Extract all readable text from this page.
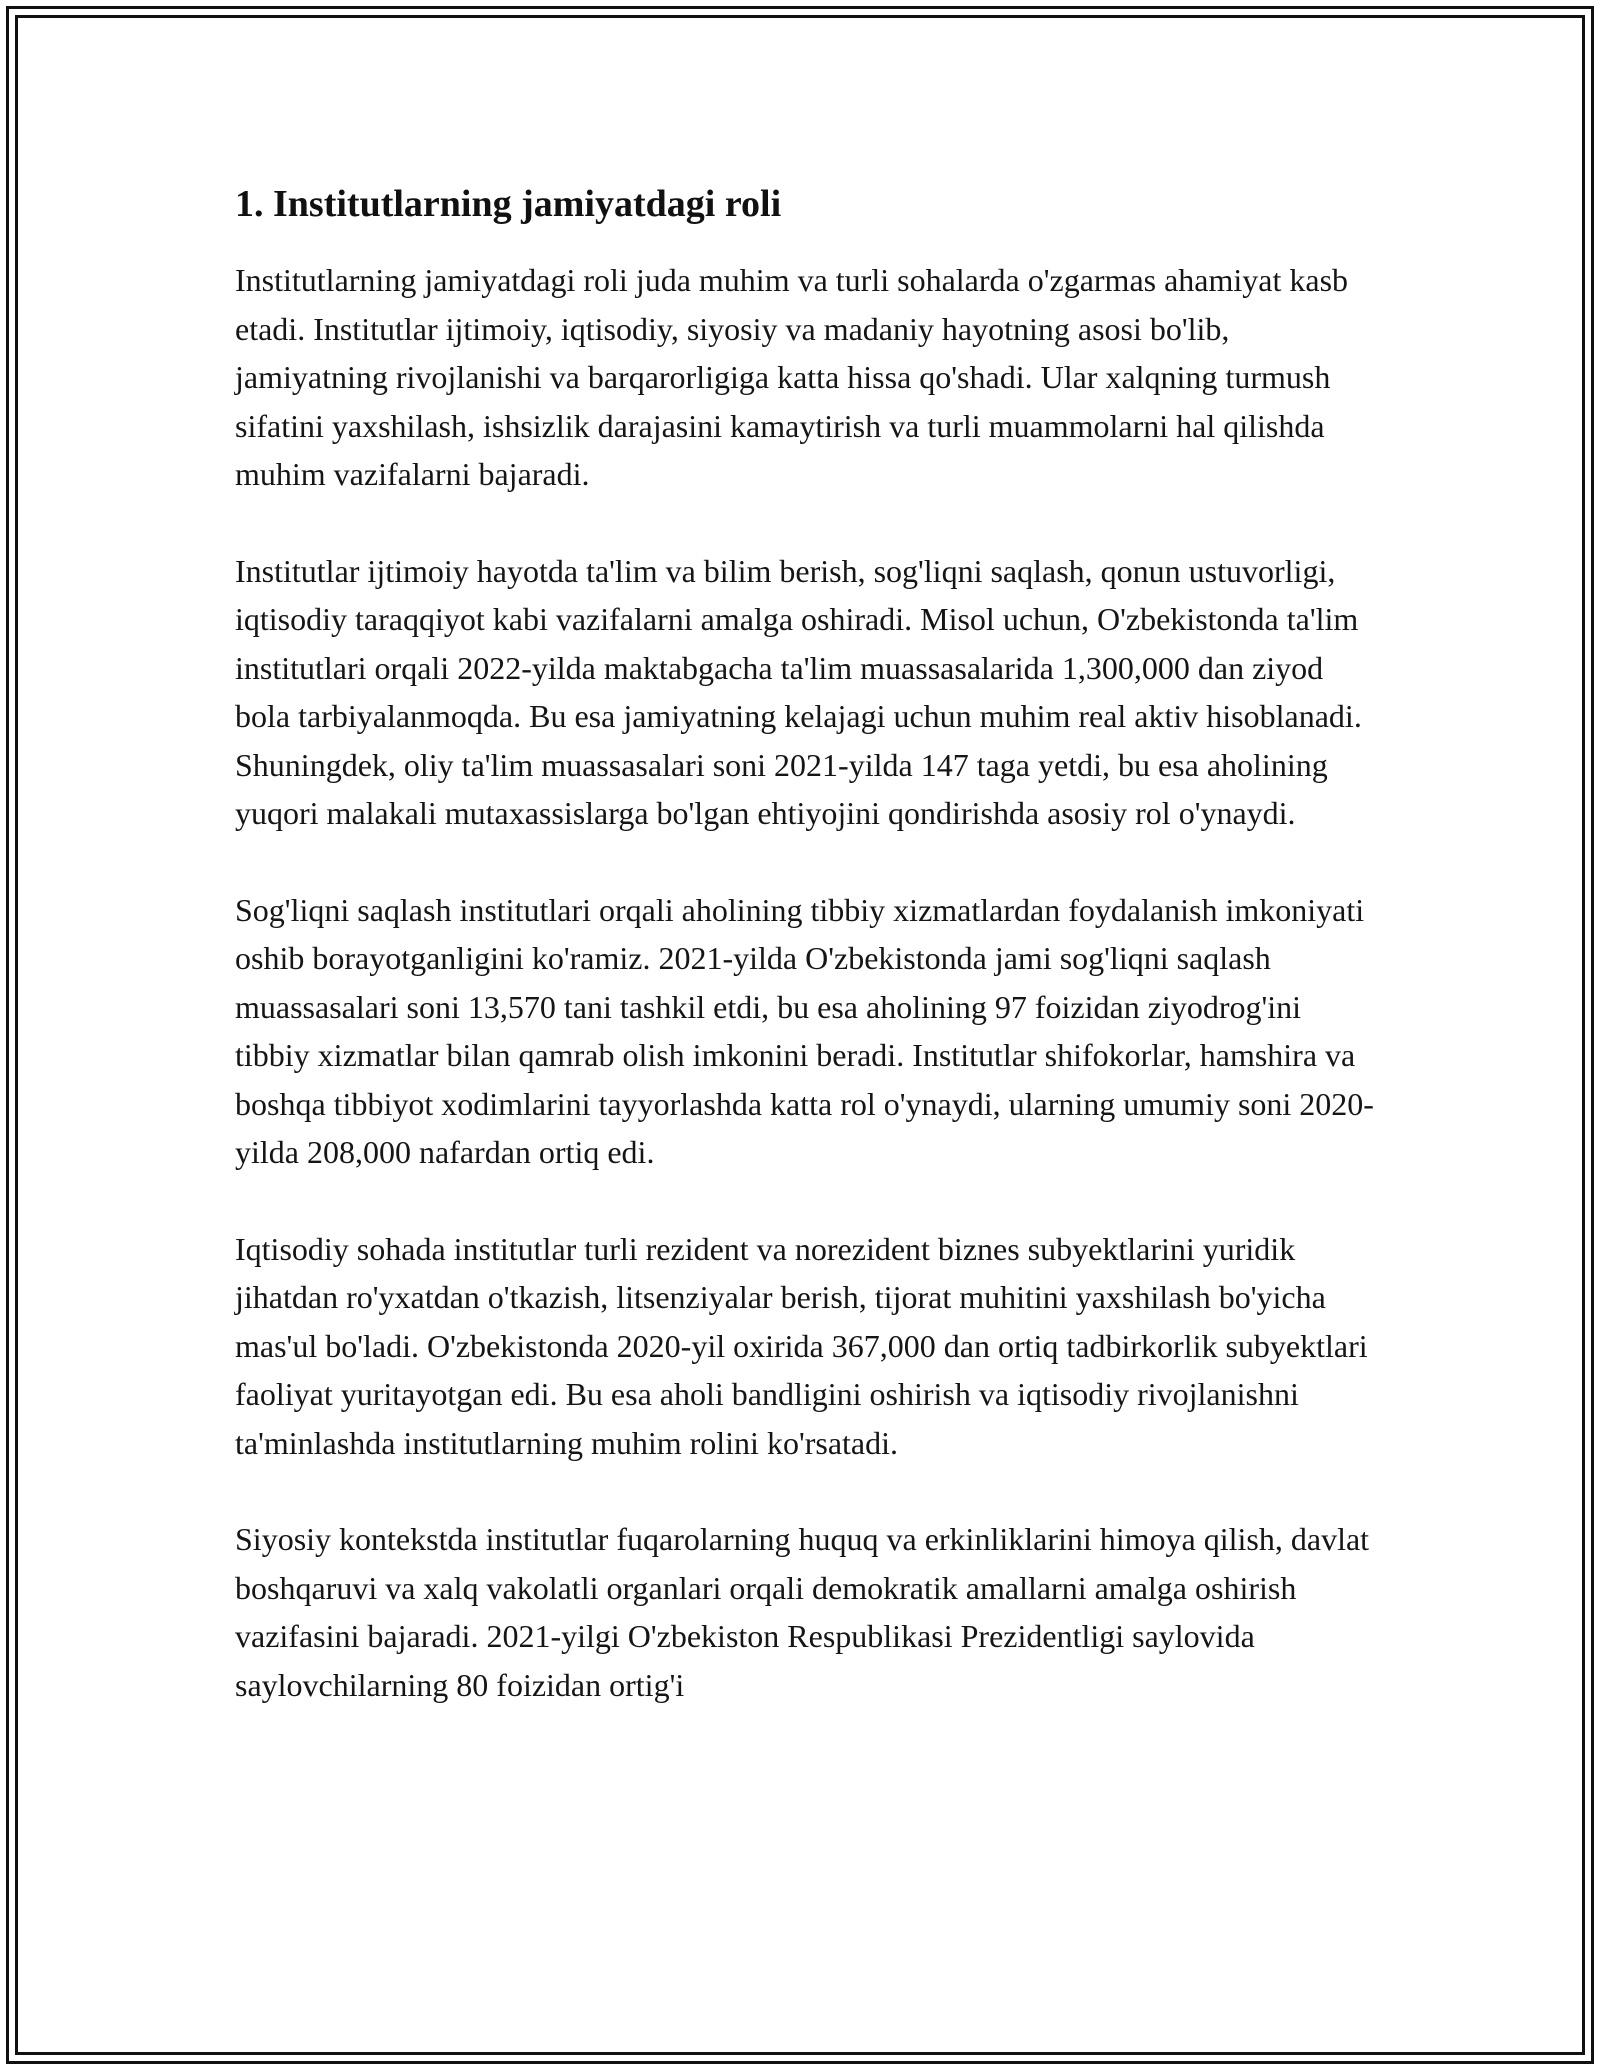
1. Institutlarning jamiyatdagi roli

Institutlarning jamiyatdagi roli juda muhim va turli sohalarda o'zgarmas ahamiyat kasb etadi. Institutlar ijtimoiy, iqtisodiy, siyosiy va madaniy hayotning asosi bo'lib, jamiyatning rivojlanishi va barqarorligiga katta hissa qo'shadi. Ular xalqning turmush sifatini yaxshilash, ishsizlik darajasini kamaytirish va turli muammolarni hal qilishda muhim vazifalarni bajaradi.

Institutlar ijtimoiy hayotda ta'lim va bilim berish, sog'liqni saqlash, qonun ustuvorligi, iqtisodiy taraqqiyot kabi vazifalarni amalga oshiradi. Misol uchun, O'zbekistonda ta'lim institutlari orqali 2022-yilda maktabgacha ta'lim muassasalarida 1,300,000 dan ziyod bola tarbiyalanmoqda. Bu esa jamiyatning kelajagi uchun muhim real aktiv hisoblanadi. Shuningdek, oliy ta'lim muassasalari soni 2021-yilda 147 taga yetdi, bu esa aholining yuqori malakali mutaxassislarga bo'lgan ehtiyojini qondirishda asosiy rol o'ynaydi.

Sog'liqni saqlash institutlari orqali aholining tibbiy xizmatlardan foydalanish imkoniyati oshib borayotganligini ko'ramiz. 2021-yilda O'zbekistonda jami sog'liqni saqlash muassasalari soni 13,570 tani tashkil etdi, bu esa aholining 97 foizidan ziyodrog'ini tibbiy xizmatlar bilan qamrab olish imkonini beradi. Institutlar shifokorlar, hamshira va boshqa tibbiyot xodimlarini tayyorlashda katta rol o'ynaydi, ularning umumiy soni 2020-yilda 208,000 nafardan ortiq edi.

Iqtisodiy sohada institutlar turli rezident va norezident biznes subyektlarini yuridik jihatdan ro'yxatdan o'tkazish, litsenziyalar berish, tijorat muhitini yaxshilash bo'yicha mas'ul bo'ladi. O'zbekistonda 2020-yil oxirida 367,000 dan ortiq tadbirkorlik subyektlari faoliyat yuritayotgan edi. Bu esa aholi bandligini oshirish va iqtisodiy rivojlanishni ta'minlashda institutlarning muhim rolini ko'rsatadi.

Siyosiy kontekstda institutlar fuqarolarning huquq va erkinliklarini himoya qilish, davlat boshqaruvi va xalq vakolatli organlari orqali demokratik amallarni amalga oshirish vazifasini bajaradi. 2021-yilgi O'zbekiston Respublikasi Prezidentligi saylovida saylovchilarning 80 foizidan ortig'i
